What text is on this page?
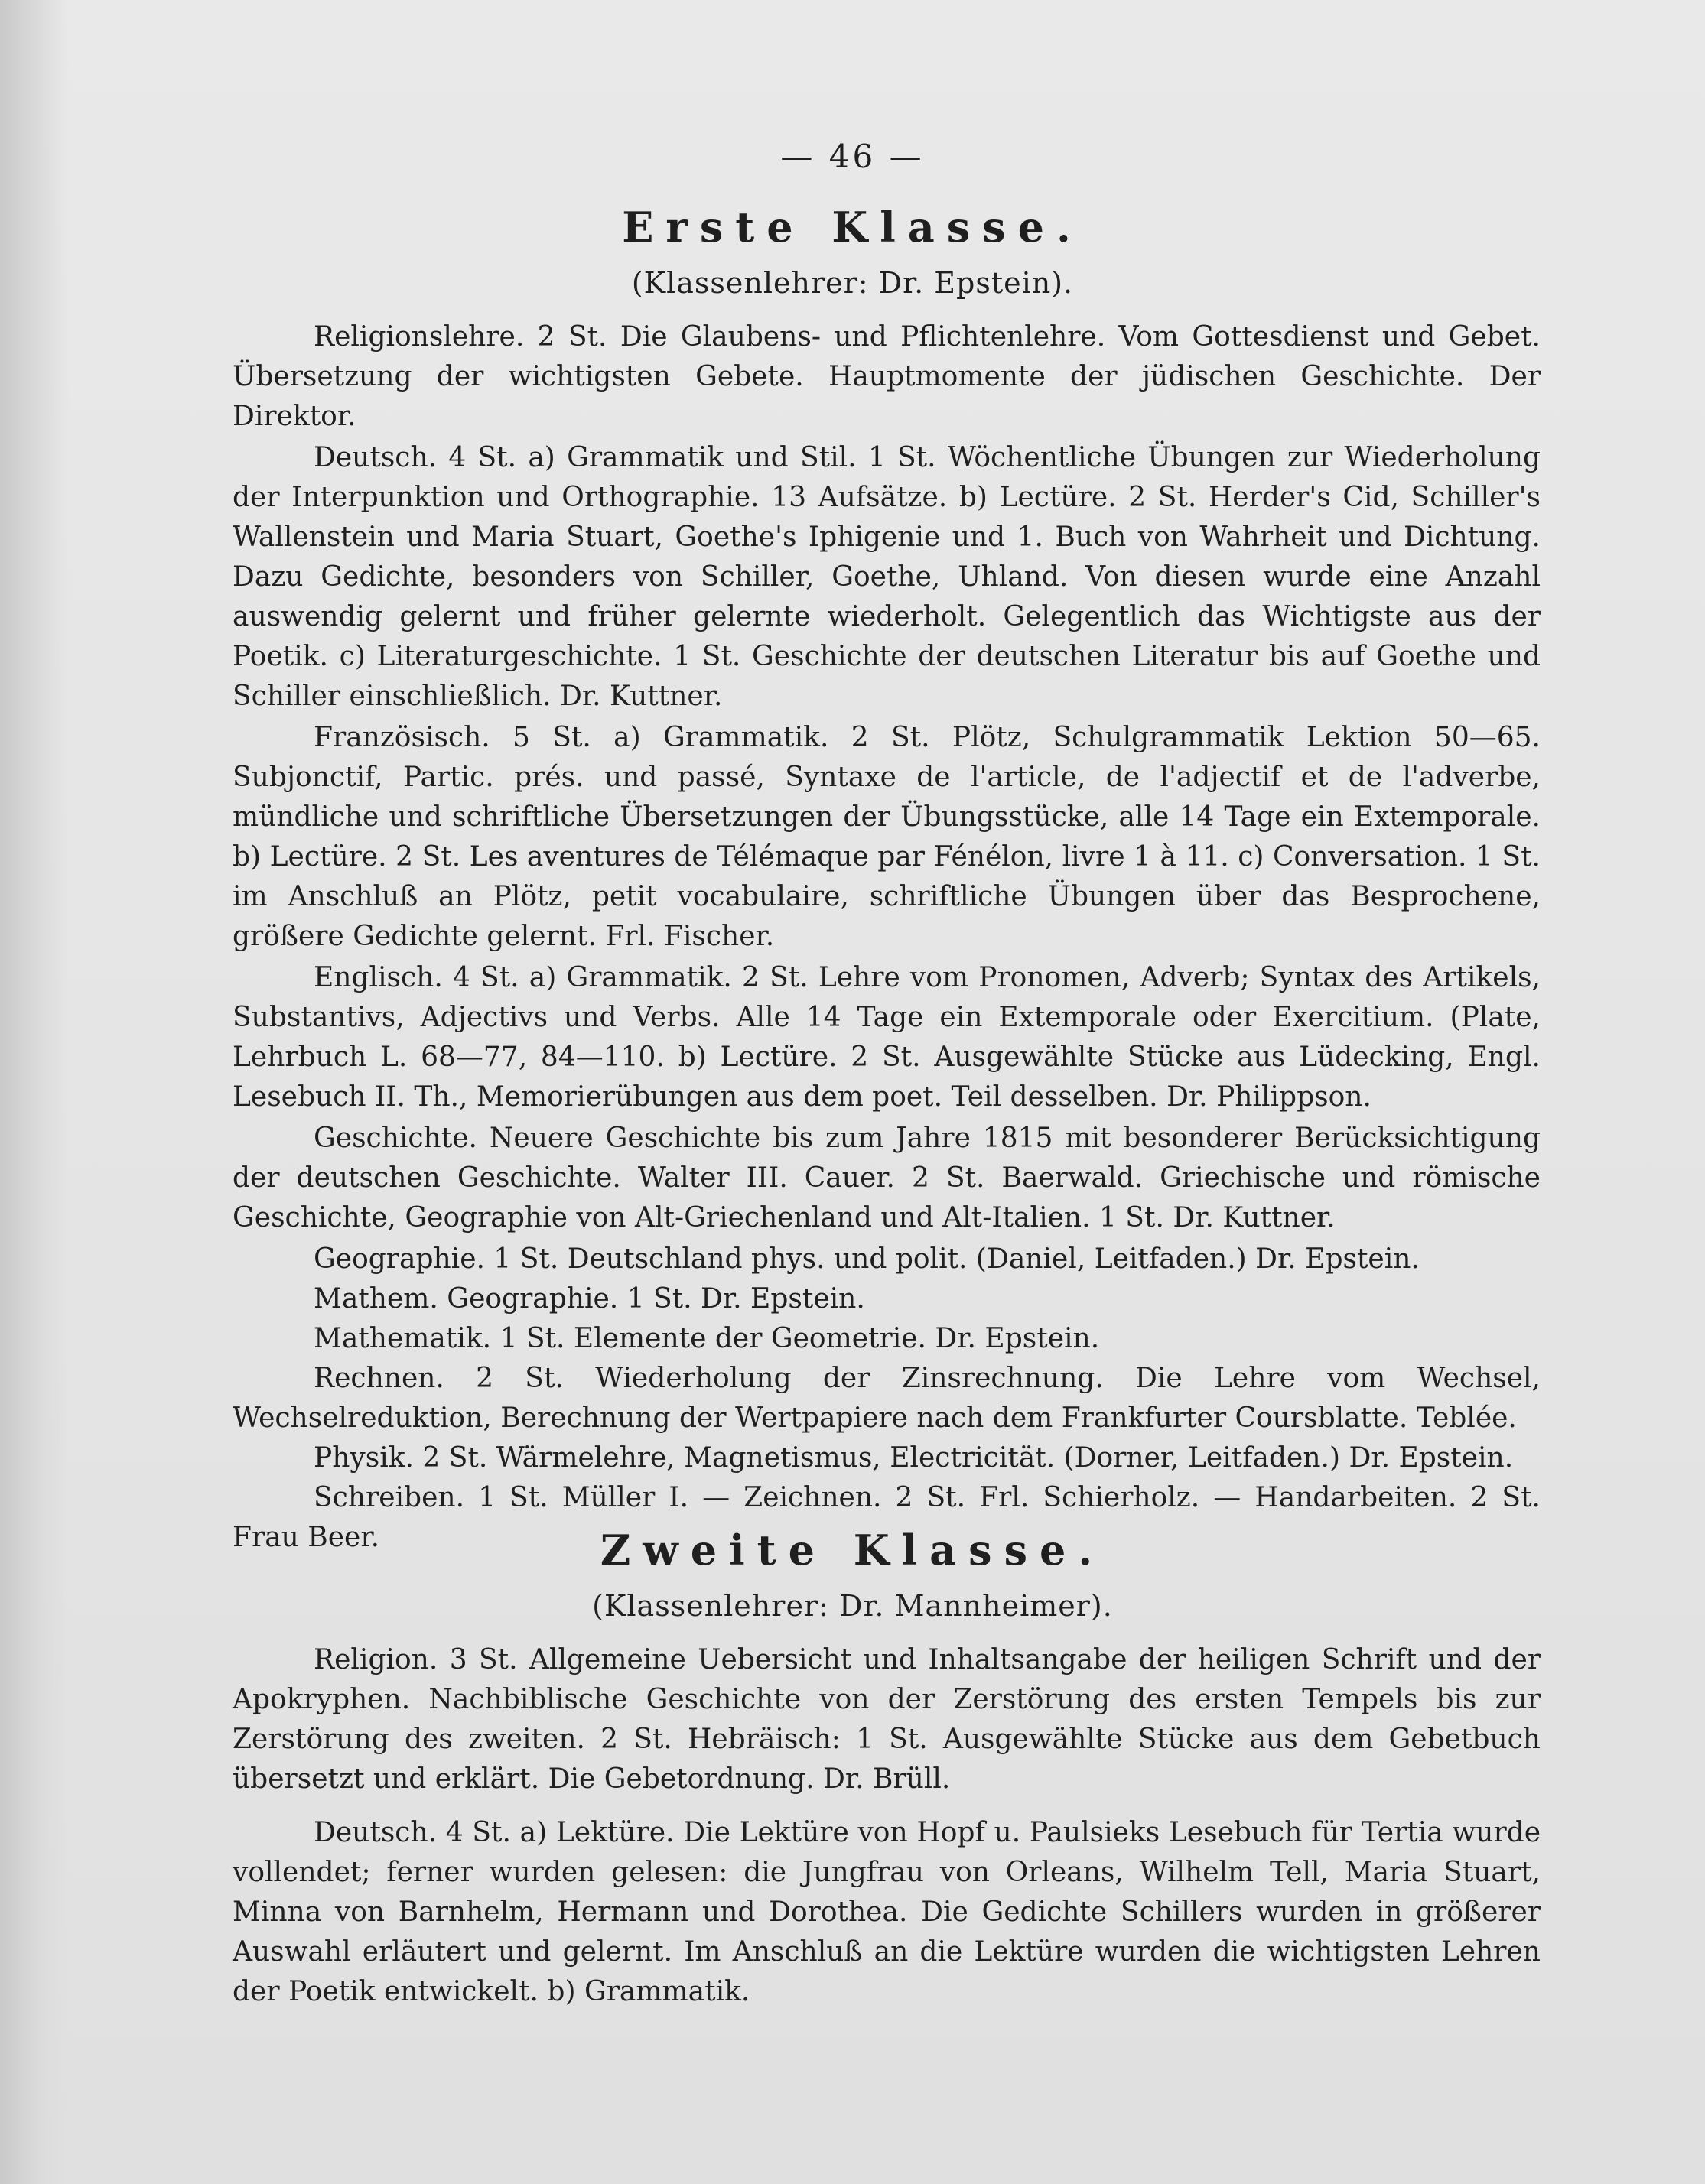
— 46 —
Erste Klasse.
(Klassenlehrer: Dr. Epstein).

Religionslehre. 2 St. Die Glaubens- und Pflichtenlehre. Vom Gottesdienst und Gebet. Übersetzung der wichtigsten Gebete. Hauptmomente der jüdischen Geschichte. Der Direktor.

Deutsch. 4 St. a) Grammatik und Stil. 1 St. Wöchentliche Übungen zur Wiederholung der Interpunktion und Orthographie. 13 Aufsätze. b) Lectüre. 2 St. Herder's Cid, Schiller's Wallenstein und Maria Stuart, Goethe's Iphigenie und 1. Buch von Wahrheit und Dichtung. Dazu Gedichte, besonders von Schiller, Goethe, Uhland. Von diesen wurde eine Anzahl auswendig gelernt und früher gelernte wiederholt. Gelegentlich das Wichtigste aus der Poetik. c) Literaturgeschichte. 1 St. Geschichte der deutschen Literatur bis auf Goethe und Schiller einschließlich. Dr. Kuttner.

Französisch. 5 St. a) Grammatik. 2 St. Plötz, Schulgrammatik Lektion 50—65. Subjonctif, Partic. prés. und passé, Syntaxe de l'article, de l'adjectif et de l'adverbe, mündliche und schriftliche Übersetzungen der Übungsstücke, alle 14 Tage ein Extemporale. b) Lectüre. 2 St. Les aventures de Télémaque par Fénélon, livre 1 à 11. c) Conversation. 1 St. im Anschluß an Plötz, petit vocabulaire, schriftliche Übungen über das Besprochene, größere Gedichte gelernt. Frl. Fischer.

Englisch. 4 St. a) Grammatik. 2 St. Lehre vom Pronomen, Adverb; Syntax des Artikels, Substantivs, Adjectivs und Verbs. Alle 14 Tage ein Extemporale oder Exercitium. (Plate, Lehrbuch L. 68—77, 84—110. b) Lectüre. 2 St. Ausgewählte Stücke aus Lüdecking, Engl. Lesebuch II. Th., Memorierübungen aus dem poet. Teil desselben. Dr. Philippson.

Geschichte. Neuere Geschichte bis zum Jahre 1815 mit besonderer Berücksichtigung der deutschen Geschichte. Walter III. Cauer. 2 St. Baerwald. Griechische und römische Geschichte, Geographie von Alt-Griechenland und Alt-Italien. 1 St. Dr. Kuttner.

Geographie. 1 St. Deutschland phys. und polit. (Daniel, Leitfaden.) Dr. Epstein.

Mathem. Geographie. 1 St. Dr. Epstein.

Mathematik. 1 St. Elemente der Geometrie. Dr. Epstein.

Rechnen. 2 St. Wiederholung der Zinsrechnung. Die Lehre vom Wechsel, Wechselreduktion, Berechnung der Wertpapiere nach dem Frankfurter Coursblatte. Teblée.

Physik. 2 St. Wärmelehre, Magnetismus, Electricität. (Dorner, Leitfaden.) Dr. Epstein.

Schreiben. 1 St. Müller I. — Zeichnen. 2 St. Frl. Schierholz. — Handarbeiten. 2 St. Frau Beer.	Zweite Klasse.
(Klassenlehrer: Dr. Mannheimer).

Religion. 3 St. Allgemeine Uebersicht und Inhaltsangabe der heiligen Schrift und der Apokryphen. Nachbiblische Geschichte von der Zerstörung des ersten Tempels bis zur Zerstörung des zweiten. 2 St. Hebräisch: 1 St. Ausgewählte Stücke aus dem Gebetbuch übersetzt und erklärt. Die Gebetordnung. Dr. Brüll.

Deutsch. 4 St. a) Lektüre. Die Lektüre von Hopf u. Paulsieks Lesebuch für Tertia wurde vollendet; ferner wurden gelesen: die Jungfrau von Orleans, Wilhelm Tell, Maria Stuart, Minna von Barnhelm, Hermann und Dorothea. Die Gedichte Schillers wurden in größerer Auswahl erläutert und gelernt. Im Anschluß an die Lektüre wurden die wichtigsten Lehren der Poetik entwickelt. b) Grammatik.
